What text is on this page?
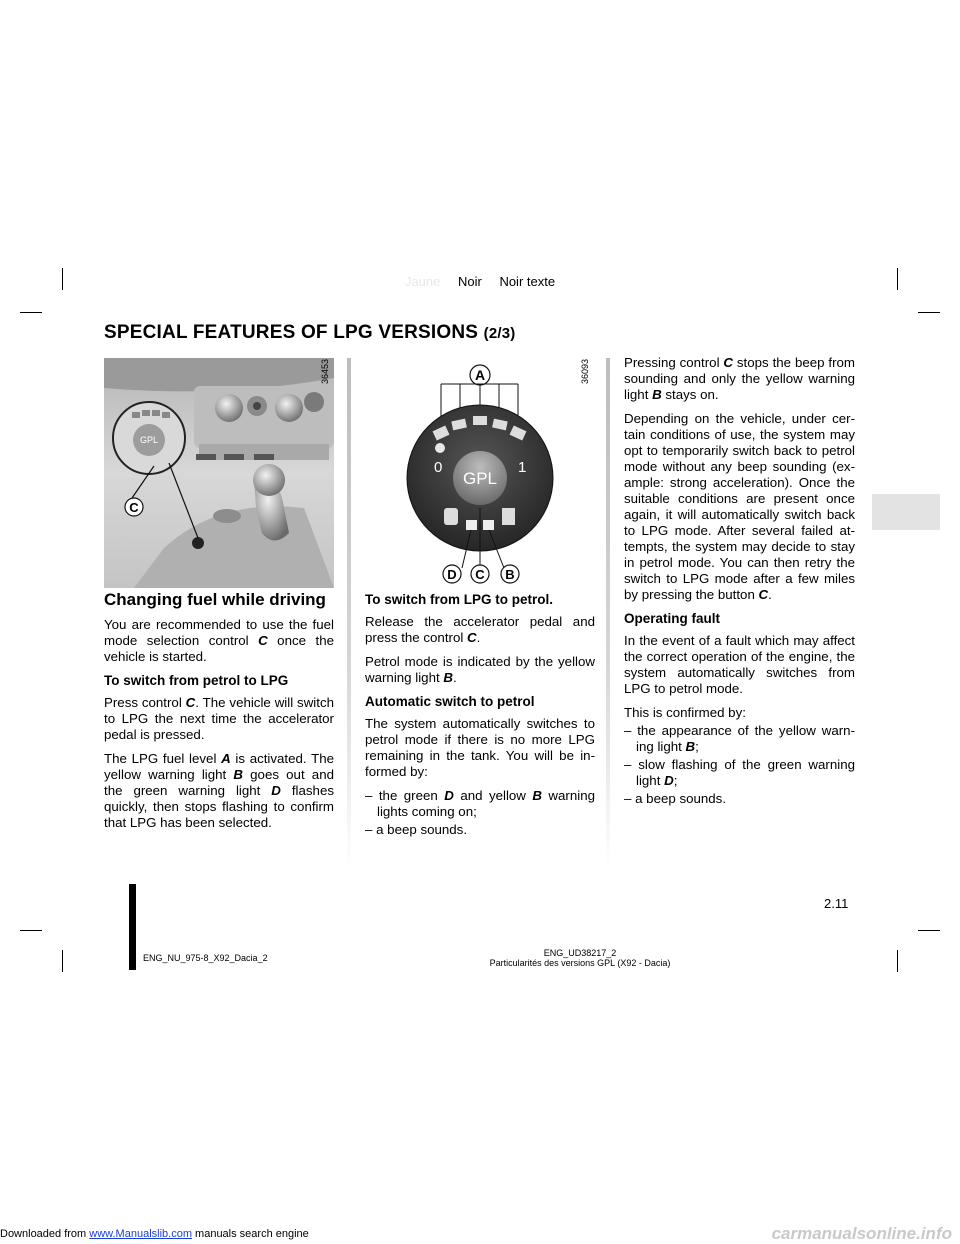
Jaune Noir Noir texte
SPECIAL FEATURES OF LPG VERSIONS (2/3)
GPL
C
36453	A
0	1
GPL
D C B
36093
Changing fuel while driving

You are recommended to use the fuel mode selection control C once the vehicle is started.

To switch from petrol to LPG

Press control C. The vehicle will switch to LPG the next time the accelerator pedal is pressed.

The LPG fuel level A is activated. The yellow warning light B goes out and the green warning light D flashes quickly, then stops flashing to confirm that LPG has been selected.

To switch from LPG to petrol.

Release the accelerator pedal and press the control C.

Petrol mode is indicated by the yellow warning light B.

Automatic switch to petrol

The system automatically switches to petrol mode if there is no more LPG remaining in the tank. You will be informed by:

– the green D and yellow B warning lights coming on;

– a beep sounds.

Pressing control C stops the beep from sounding and only the yellow warning light B stays on.

Depending on the vehicle, under certain conditions of use, the system may opt to temporarily switch back to petrol mode without any beep sounding (example: strong acceleration). Once the suitable conditions are present once again, it will automatically switch back to LPG mode. After several failed attempts, the system may decide to stay in petrol mode. You can then retry the switch to LPG mode after a few miles by pressing the button C.

Operating fault

In the event of a fault which may affect the correct operation of the engine, the system automatically switches from LPG to petrol mode.

This is confirmed by:

– the appearance of the yellow warning light B;

– slow flashing of the green warning light D;

– a beep sounds.

2.11
ENG_NU_975-8_X92_Dacia_2	ENG_UD38217_2
Particularités des versions GPL (X92 - Dacia)
Downloaded from www.Manualslib.com manuals search engine	carmanualsonline.info
